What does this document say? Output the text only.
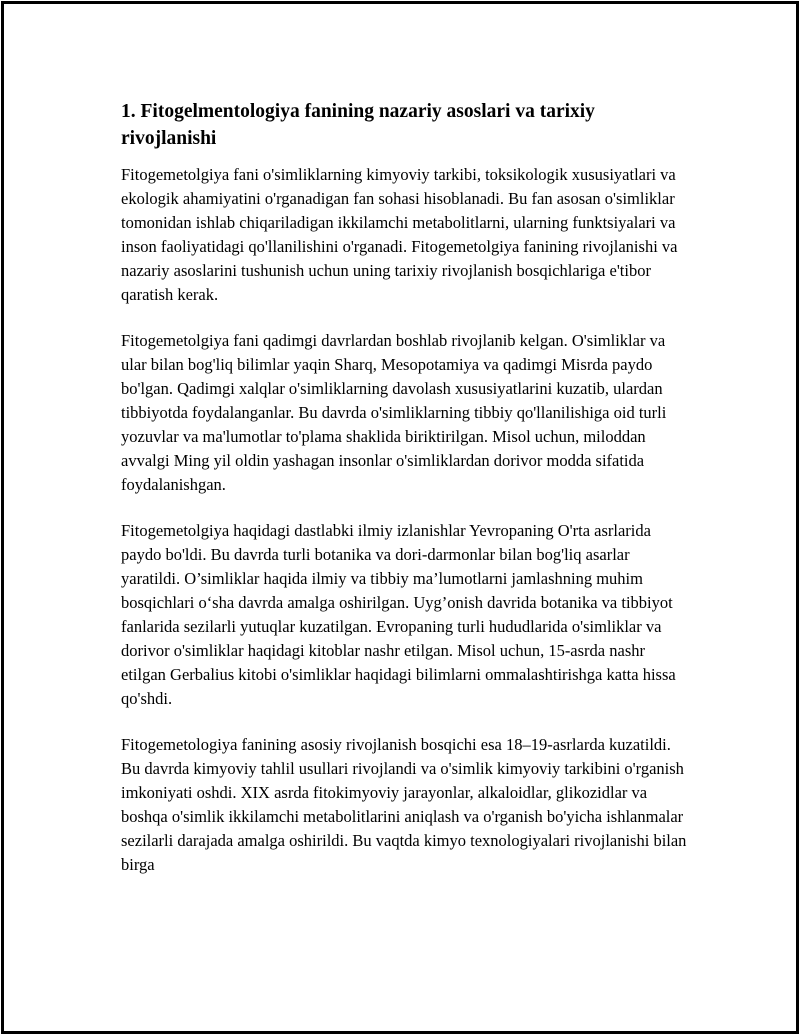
1. Fitogelmentologiya fanining nazariy asoslari va tarixiy rivojlanishi

Fitogemetolgiya fani o'simliklarning kimyoviy tarkibi, toksikologik xususiyatlari va ekologik ahamiyatini o'rganadigan fan sohasi hisoblanadi. Bu fan asosan o'simliklar tomonidan ishlab chiqariladigan ikkilamchi metabolitlarni, ularning funktsiyalari va inson faoliyatidagi qo'llanilishini o'rganadi. Fitogemetolgiya fanining rivojlanishi va nazariy asoslarini tushunish uchun uning tarixiy rivojlanish bosqichlariga e'tibor qaratish kerak.

Fitogemetolgiya fani qadimgi davrlardan boshlab rivojlanib kelgan. O'simliklar va ular bilan bog'liq bilimlar yaqin Sharq, Mesopotamiya va qadimgi Misrda paydo bo'lgan. Qadimgi xalqlar o'simliklarning davolash xususiyatlarini kuzatib, ulardan tibbiyotda foydalanganlar. Bu davrda o'simliklarning tibbiy qo'llanilishiga oid turli yozuvlar va ma'lumotlar to'plama shaklida biriktirilgan. Misol uchun, miloddan avvalgi Ming yil oldin yashagan insonlar o'simliklardan dorivor modda sifatida foydalanishgan.

Fitogemetolgiya haqidagi dastlabki ilmiy izlanishlar Yevropaning O'rta asrlarida paydo bo'ldi. Bu davrda turli botanika va dori-darmonlar bilan bog'liq asarlar yaratildi. O’simliklar haqida ilmiy va tibbiy ma’lumotlarni jamlashning muhim bosqichlari o‘sha davrda amalga oshirilgan. Uyg’onish davrida botanika va tibbiyot fanlarida sezilarli yutuqlar kuzatilgan. Evropaning turli hududlarida o'simliklar va dorivor o'simliklar haqidagi kitoblar nashr etilgan. Misol uchun, 15-asrda nashr etilgan Gerbalius kitobi o'simliklar haqidagi bilimlarni ommalashtirishga katta hissa qo'shdi.

Fitogemetologiya fanining asosiy rivojlanish bosqichi esa 18–19-asrlarda kuzatildi. Bu davrda kimyoviy tahlil usullari rivojlandi va o'simlik kimyoviy tarkibini o'rganish imkoniyati oshdi. XIX asrda fitokimyoviy jarayonlar, alkaloidlar, glikozidlar va boshqa o'simlik ikkilamchi metabolitlarini aniqlash va o'rganish bo'yicha ishlanmalar sezilarli darajada amalga oshirildi. Bu vaqtda kimyo texnologiyalari rivojlanishi bilan birga
